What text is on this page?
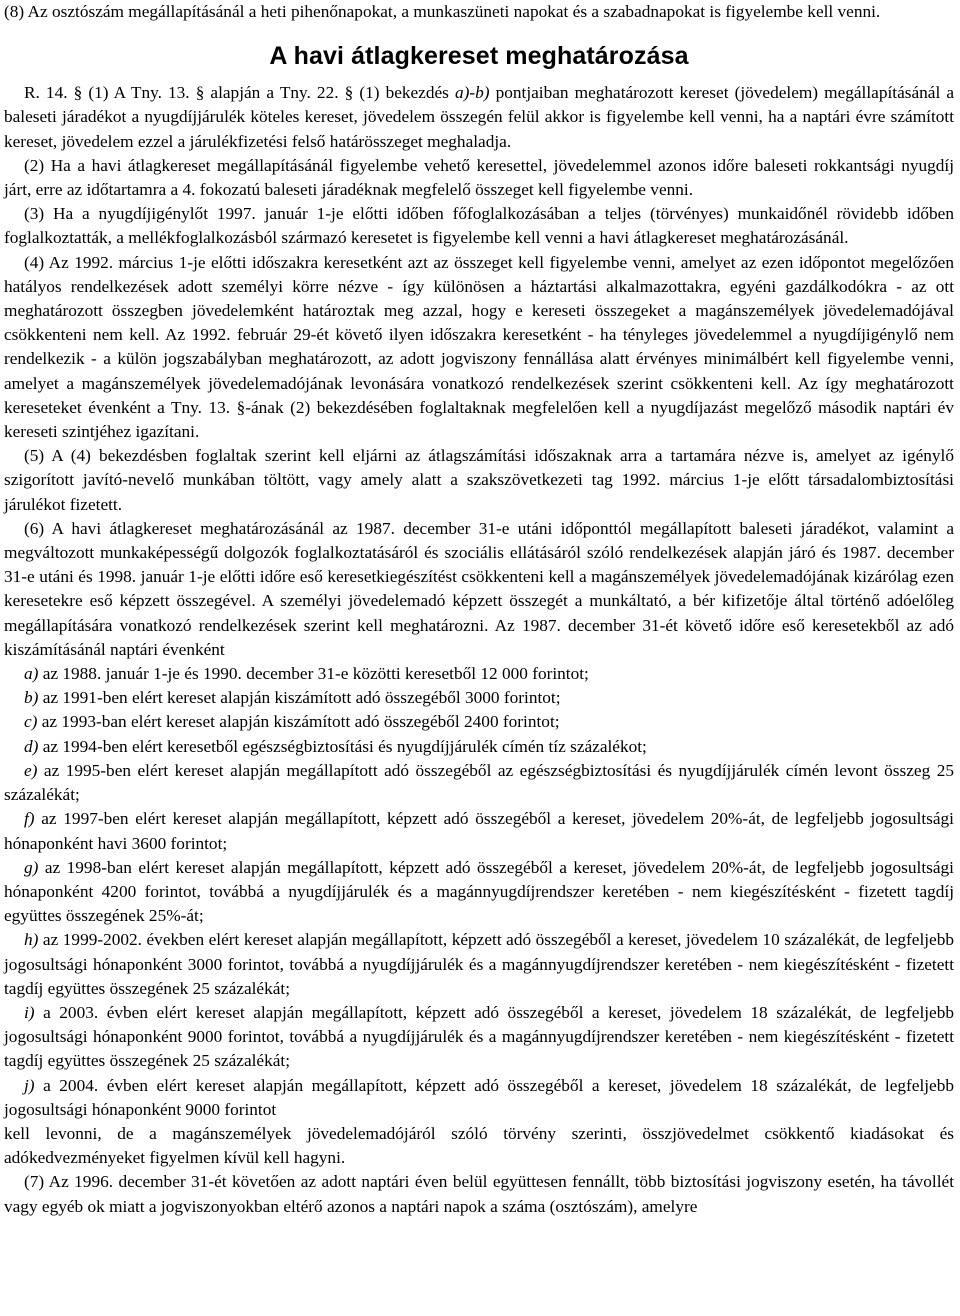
(8) Az osztószám megállapításánál a heti pihenőnapokat, a munkaszüneti napokat és a szabadnapokat is figyelembe kell venni.

A havi átlagkereset meghatározása

R. 14. § (1) A Tny. 13. § alapján a Tny. 22. § (1) bekezdés a)-b) pontjaiban meghatározott kereset (jövedelem) megállapításánál a baleseti járadékot a nyugdíjjárulék köteles kereset, jövedelem összegén felül akkor is figyelembe kell venni, ha a naptári évre számított kereset, jövedelem ezzel a járulékfizetési felső határösszeget meghaladja.

(2) Ha a havi átlagkereset megállapításánál figyelembe vehető keresettel, jövedelemmel azonos időre baleseti rokkantsági nyugdíj járt, erre az időtartamra a 4. fokozatú baleseti járadéknak megfelelő összeget kell figyelembe venni.

(3) Ha a nyugdíjigénylőt 1997. január 1-je előtti időben főfoglalkozásában a teljes (törvényes) munkaidőnél rövidebb időben foglalkoztatták, a mellékfoglalkozásból származó keresetet is figyelembe kell venni a havi átlagkereset meghatározásánál.

(4) Az 1992. március 1-je előtti időszakra keresetként azt az összeget kell figyelembe venni, amelyet az ezen időpontot megelőzően hatályos rendelkezések adott személyi körre nézve - így különösen a háztartási alkalmazottakra, egyéni gazdálkodókra - az ott meghatározott összegben jövedelemként határoztak meg azzal, hogy e kereseti összegeket a magánszemélyek jövedelemadójával csökkenteni nem kell. Az 1992. február 29-ét követő ilyen időszakra keresetként - ha tényleges jövedelemmel a nyugdíjigénylő nem rendelkezik - a külön jogszabályban meghatározott, az adott jogviszony fennállása alatt érvényes minimálbért kell figyelembe venni, amelyet a magánszemélyek jövedelemadójának levonására vonatkozó rendelkezések szerint csökkenteni kell. Az így meghatározott kereseteket évenként a Tny. 13. §-ának (2) bekezdésében foglaltaknak megfelelően kell a nyugdíjazást megelőző második naptári év kereseti szintjéhez igazítani.

(5) A (4) bekezdésben foglaltak szerint kell eljárni az átlagszámítási időszaknak arra a tartamára nézve is, amelyet az igénylő szigorított javító-nevelő munkában töltött, vagy amely alatt a szakszövetkezeti tag 1992. március 1-je előtt társadalombiztosítási járulékot fizetett.

(6) A havi átlagkereset meghatározásánál az 1987. december 31-e utáni időponttól megállapított baleseti járadékot, valamint a megváltozott munkaképességű dolgozók foglalkoztatásáról és szociális ellátásáról szóló rendelkezések alapján járó és 1987. december 31-e utáni és 1998. január 1-je előtti időre eső keresetkiegészítést csökkenteni kell a magánszemélyek jövedelemadójának kizárólag ezen keresetekre eső képzett összegével. A személyi jövedelemadó képzett összegét a munkáltató, a bér kifizetője által történő adóelőleg megállapítására vonatkozó rendelkezések szerint kell meghatározni. Az 1987. december 31-ét követő időre eső keresetekből az adó kiszámításánál naptári évenként

a) az 1988. január 1-je és 1990. december 31-e közötti keresetből 12 000 forintot;

b) az 1991-ben elért kereset alapján kiszámított adó összegéből 3000 forintot;

c) az 1993-ban elért kereset alapján kiszámított adó összegéből 2400 forintot;

d) az 1994-ben elért keresetből egészségbiztosítási és nyugdíjjárulék címén tíz százalékot;

e) az 1995-ben elért kereset alapján megállapított adó összegéből az egészségbiztosítási és nyugdíjjárulék címén levont összeg 25 százalékát;

f) az 1997-ben elért kereset alapján megállapított, képzett adó összegéből a kereset, jövedelem 20%-át, de legfeljebb jogosultsági hónaponként havi 3600 forintot;

g) az 1998-ban elért kereset alapján megállapított, képzett adó összegéből a kereset, jövedelem 20%-át, de legfeljebb jogosultsági hónaponként 4200 forintot, továbbá a nyugdíjjárulék és a magánnyugdíjrendszer keretében - nem kiegészítésként - fizetett tagdíj együttes összegének 25%-át;

h) az 1999-2002. években elért kereset alapján megállapított, képzett adó összegéből a kereset, jövedelem 10 százalékát, de legfeljebb jogosultsági hónaponként 3000 forintot, továbbá a nyugdíjjárulék és a magánnyugdíjrendszer keretében - nem kiegészítésként - fizetett tagdíj együttes összegének 25 százalékát;

i) a 2003. évben elért kereset alapján megállapított, képzett adó összegéből a kereset, jövedelem 18 százalékát, de legfeljebb jogosultsági hónaponként 9000 forintot, továbbá a nyugdíjjárulék és a magánnyugdíjrendszer keretében - nem kiegészítésként - fizetett tagdíj együttes összegének 25 százalékát;

j) a 2004. évben elért kereset alapján megállapított, képzett adó összegéből a kereset, jövedelem 18 százalékát, de legfeljebb jogosultsági hónaponként 9000 forintot

kell levonni, de a magánszemélyek jövedelemadójáról szóló törvény szerinti, összjövedelmet csökkentő kiadásokat és adókedvezményeket figyelmen kívül kell hagyni.

(7) Az 1996. december 31-ét követően az adott naptári éven belül együttesen fennállt, több biztosítási jogviszony esetén, ha távollét vagy egyéb ok miatt a jogviszonyokban eltérő azonos a naptári napok a száma (osztószám), amelyre
